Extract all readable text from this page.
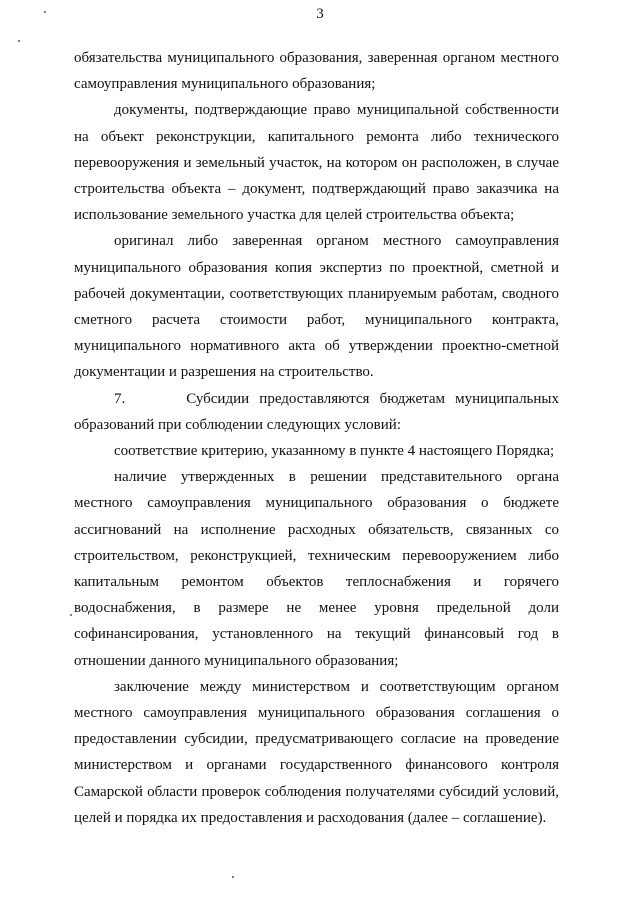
3

обязательства муниципального образования, заверенная органом местного самоуправления муниципального образования;

документы, подтверждающие право муниципальной собственности на объект реконструкции, капитального ремонта либо технического перевооружения и земельный участок, на котором он расположен, в случае строительства объекта – документ, подтверждающий право заказчика на использование земельного участка для целей строительства объекта;

оригинал либо заверенная органом местного самоуправления муниципального образования копия экспертиз по проектной, сметной и рабочей документации, соответствующих планируемым работам, сводного сметного расчета стоимости работ, муниципального контракта, муниципального нормативного акта об утверждении проектно-сметной документации и разрешения на строительство.

7.      Субсидии предоставляются бюджетам муниципальных образований при соблюдении следующих условий:

соответствие критерию, указанному в пункте 4 настоящего Порядка;

наличие утвержденных в решении представительного органа местного самоуправления муниципального образования о бюджете ассигнований на исполнение расходных обязательств, связанных со строительством, реконструкцией, техническим перевооружением либо капитальным ремонтом объектов теплоснабжения и горячего водоснабжения, в размере не менее уровня предельной доли софинансирования, установленного на текущий финансовый год в отношении данного муниципального образования;

заключение между министерством и соответствующим органом местного самоуправления муниципального образования соглашения о предоставлении субсидии, предусматривающего согласие на проведение министерством и органами государственного финансового контроля Самарской области проверок соблюдения получателями субсидий условий, целей и порядка их предоставления и расходования (далее – соглашение).
